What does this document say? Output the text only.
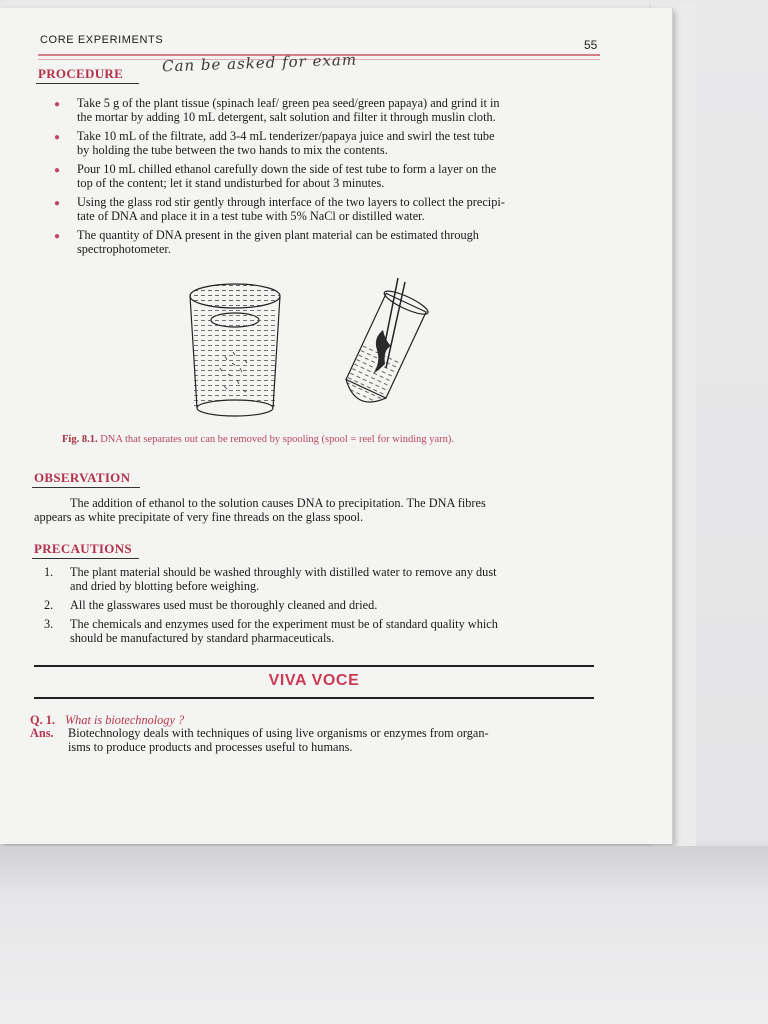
CORE EXPERIMENTS	55
PROCEDURE	Can be asked for exam
● Take 5 g of the plant tissue (spinach leaf/ green pea seed/green papaya) and grind it in
the mortar by adding 10 mL detergent, salt solution and filter it through muslin cloth.
● Take 10 mL of the filtrate, add 3-4 mL tenderizer/papaya juice and swirl the test tube
by holding the tube between the two hands to mix the contents.
● Pour 10 mL chilled ethanol carefully down the side of test tube to form a layer on the
top of the content; let it stand undisturbed for about 3 minutes.
● Using the glass rod stir gently through interface of the two layers to collect the precipi-
tate of DNA and place it in a test tube with 5% NaCl or distilled water.
● The quantity of DNA present in the given plant material can be estimated through
spectrophotometer.
Fig. 8.1. DNA that separates out can be removed by spooling (spool = reel for winding yarn).
OBSERVATION
The addition of ethanol to the solution causes DNA to precipitation. The DNA fibres
appears as white precipitate of very fine threads on the glass spool.
PRECAUTIONS
1. The plant material should be washed throughly with distilled water to remove any dust
and dried by blotting before weighing.
2. All the glasswares used must be thoroughly cleaned and dried.
3. The chemicals and enzymes used for the experiment must be of standard quality which
should be manufactured by standard pharmaceuticals.
VIVA VOCE
Q. 1. What is biotechnology ?
Ans. Biotechnology deals with techniques of using live organisms or enzymes from organ-
isms to produce products and processes useful to humans.
